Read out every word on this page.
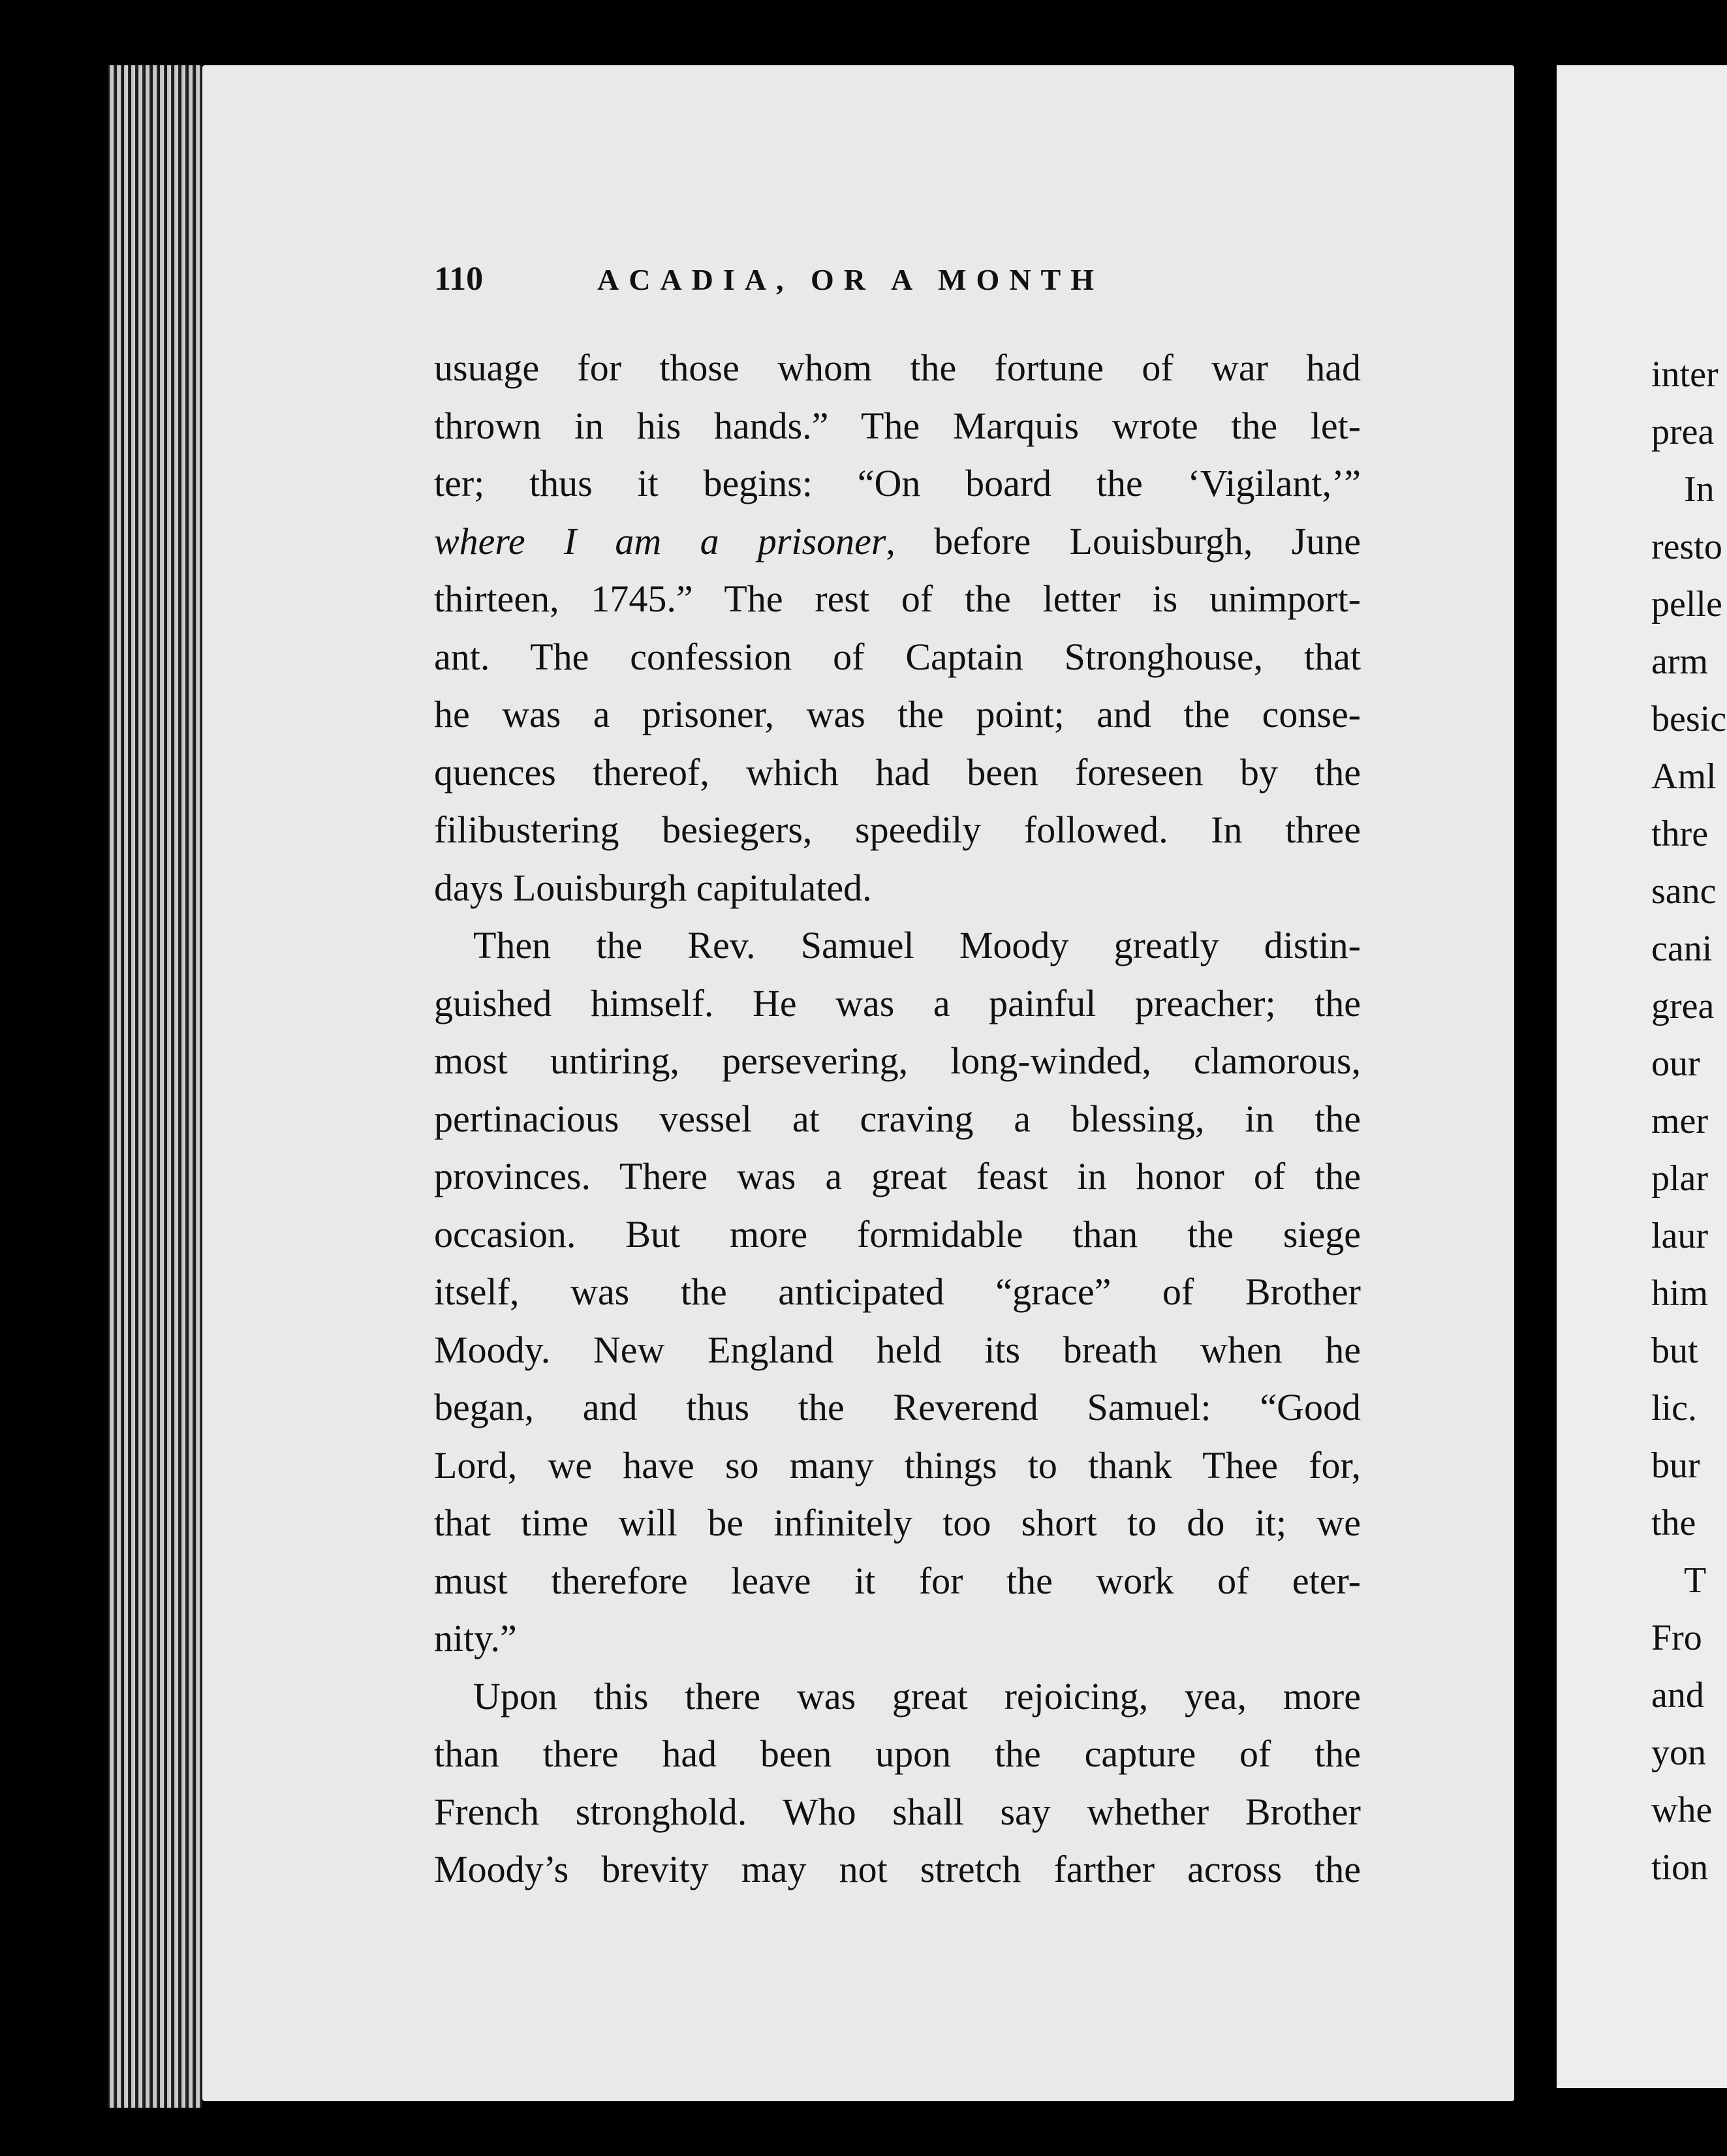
110	ACADIA, OR A MONTH
usuage for those whom the fortune of war had
thrown in his hands.” The Marquis wrote the let-
ter; thus it begins: “On board the ‘Vigilant,’”
where I am a prisoner, before Louisburgh, June
thirteen, 1745.” The rest of the letter is unimport-
ant. The confession of Captain Stronghouse, that
he was a prisoner, was the point; and the conse-
quences thereof, which had been foreseen by the
filibustering besiegers, speedily followed. In three
days Louisburgh capitulated.
Then the Rev. Samuel Moody greatly distin-
guished himself. He was a painful preacher; the
most untiring, persevering, long-winded, clamorous,
pertinacious vessel at craving a blessing, in the
provinces. There was a great feast in honor of the
occasion. But more formidable than the siege
itself, was the anticipated “grace” of Brother
Moody. New England held its breath when he
began, and thus the Reverend Samuel: “Good
Lord, we have so many things to thank Thee for,
that time will be infinitely too short to do it; we
must therefore leave it for the work of eter-
nity.”
Upon this there was great rejoicing, yea, more
than there had been upon the capture of the
French stronghold. Who shall say whether Brother
Moody’s brevity may not stretch farther across the
inter
prea
In
resto
pelle
arm
besic
Aml
thre
sanc
cani
grea
our
mer
plar
laur
him
but
lic.
bur
the
T
Fro
and
yon
whe
tion
